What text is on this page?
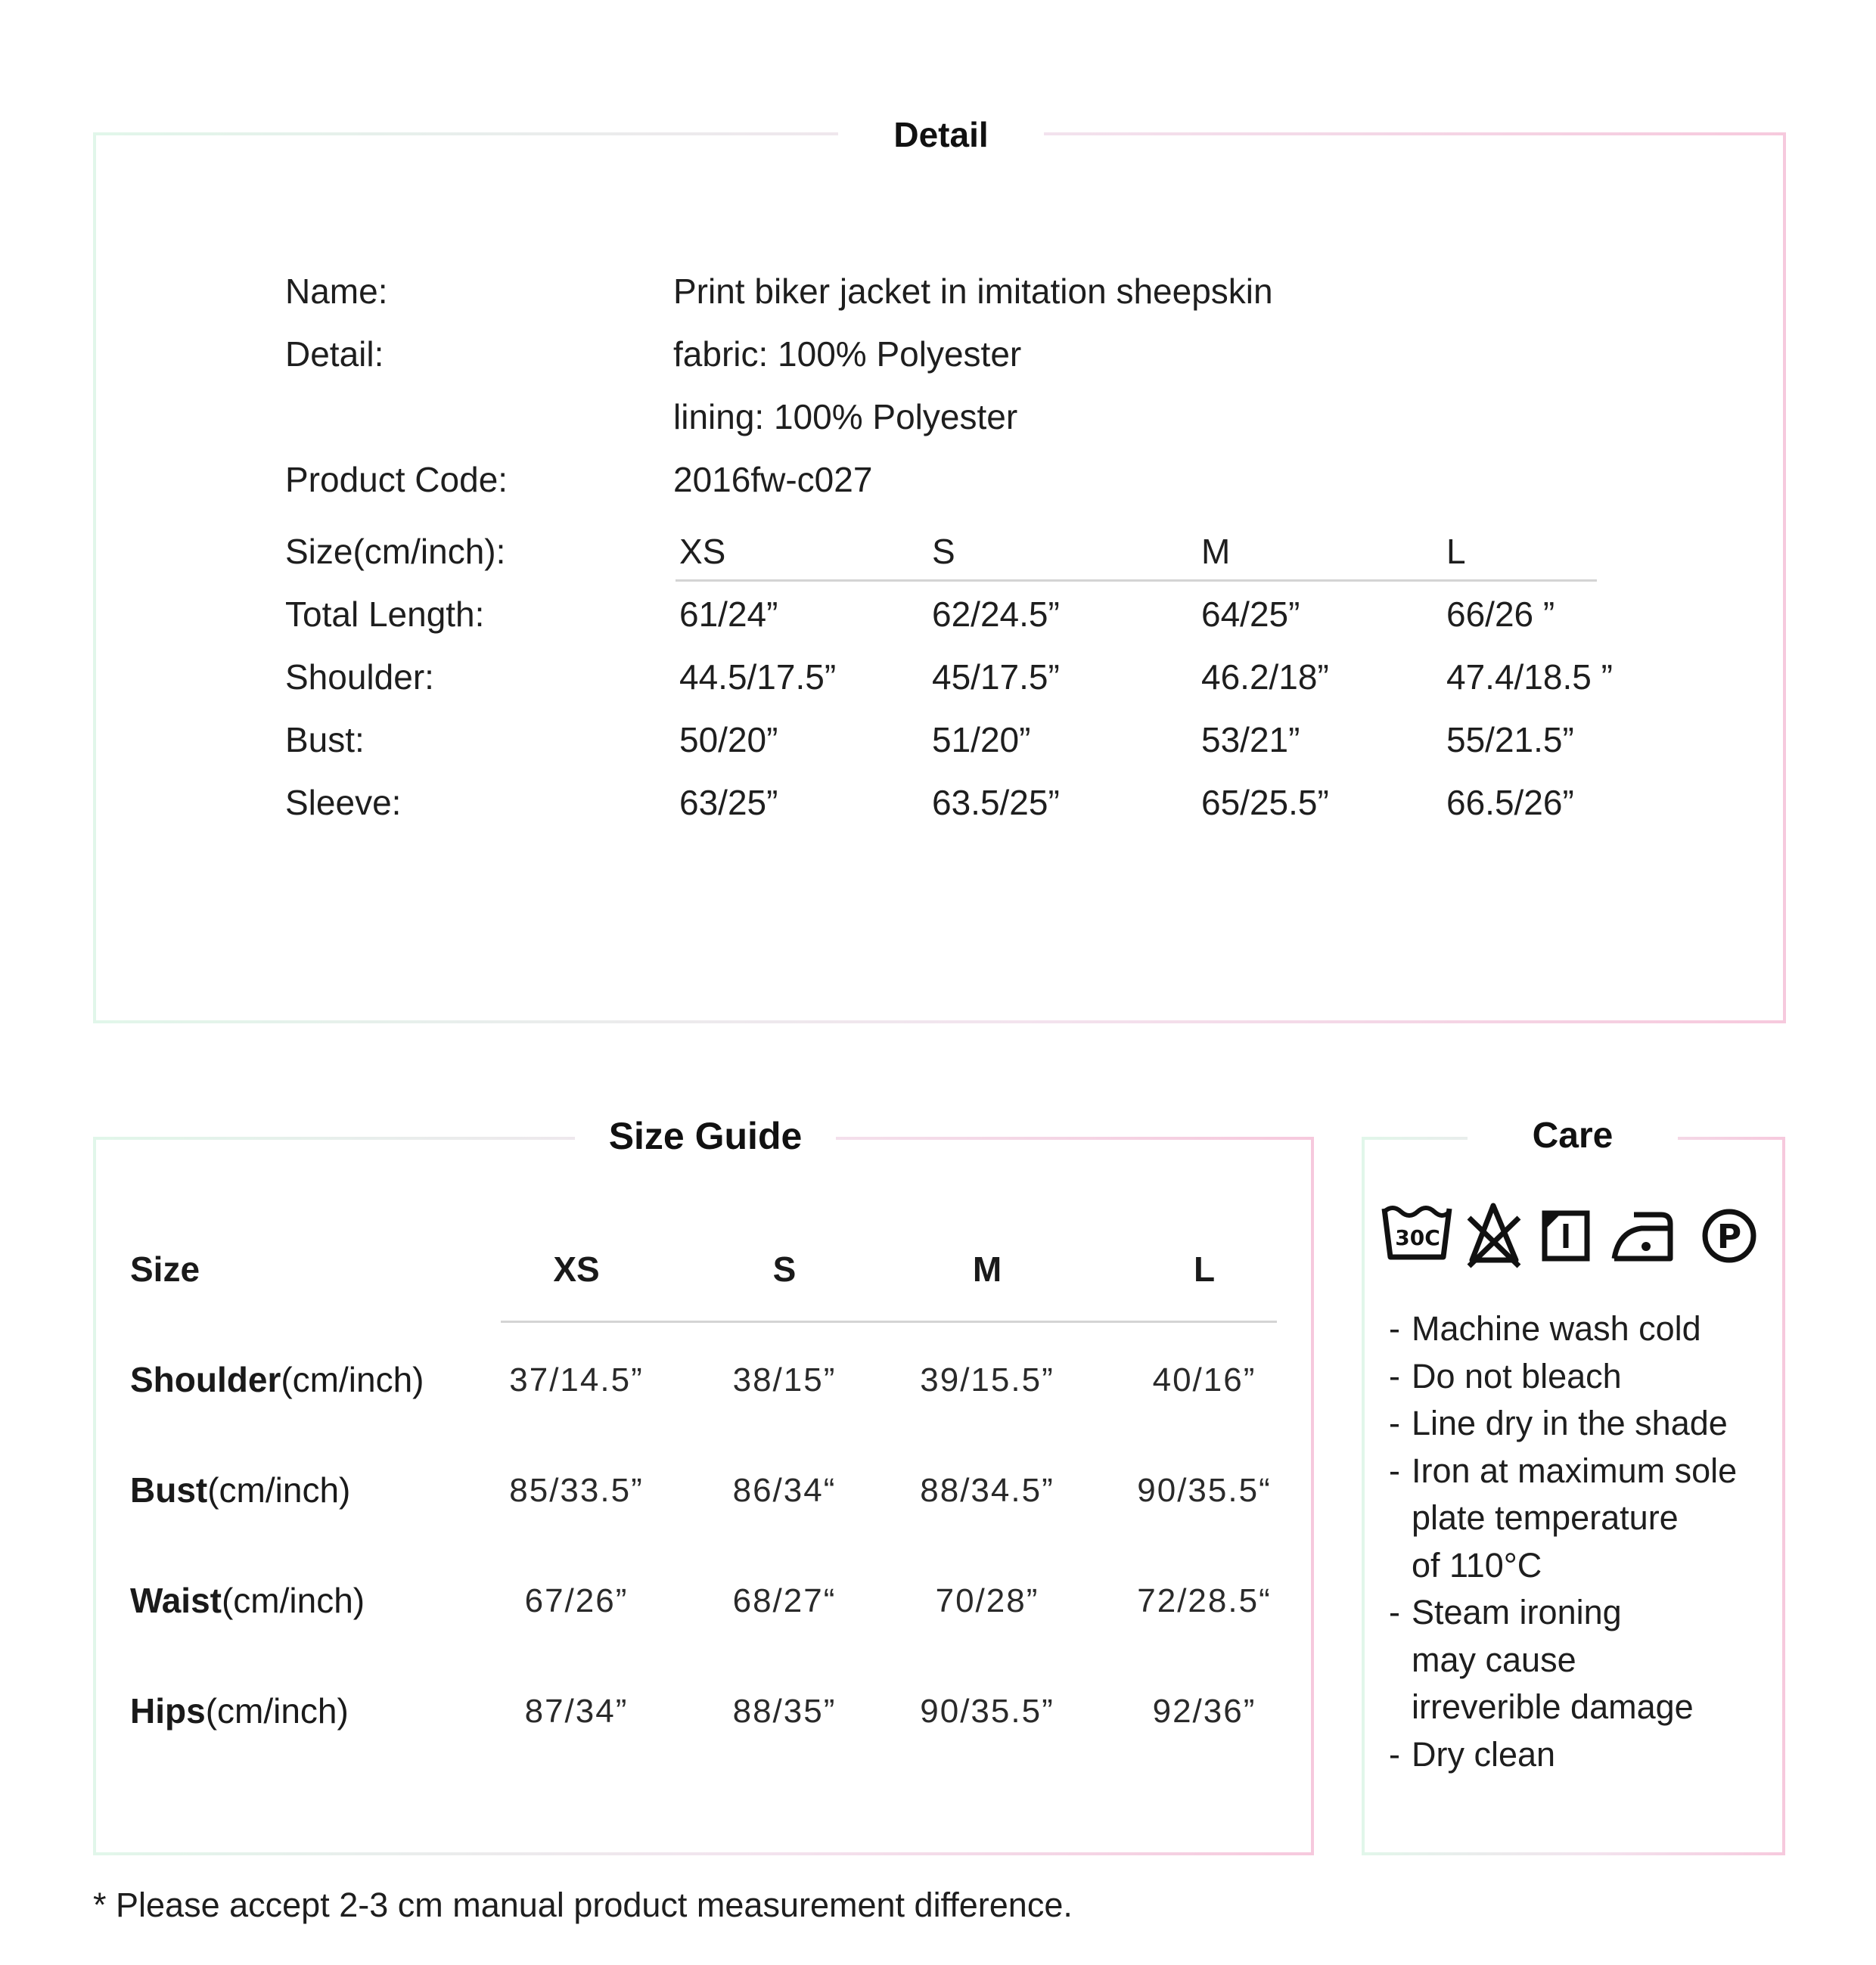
Detail
Name:	Print biker jacket in imitation sheepskin
Detail:	fabric: 100% Polyester
lining: 100% Polyester
Product Code:	2016fw-c027
Size(cm/inch):	XS	S	M	L
Total Length:	61/24”	62/24.5”	64/25”	66/26 ”
Shoulder:	44.5/17.5”	45/17.5”	46.2/18”	47.4/18.5 ”
Bust:	50/20”	51/20”	53/21”	55/21.5”
Sleeve:	63/25”	63.5/25”	65/25.5”	66.5/26”
Size Guide
Size	XS	S	M	L
Shoulder(cm/inch)	37/14.5”	38/15”	39/15.5”	40/16”
Bust(cm/inch)	85/33.5”	86/34“	88/34.5”	90/35.5“
Waist(cm/inch)	67/26”	68/27“	70/28”	72/28.5“
Hips(cm/inch)	87/34”	88/35”	90/35.5”	92/36”
Care
30C	P
- Machine wash cold
- Do not bleach
- Line dry in the shade
- Iron at maximum sole
plate temperature
of 110°C
- Steam ironing
may cause
irreverible damage
- Dry clean
* Please accept 2-3 cm manual product measurement difference.
